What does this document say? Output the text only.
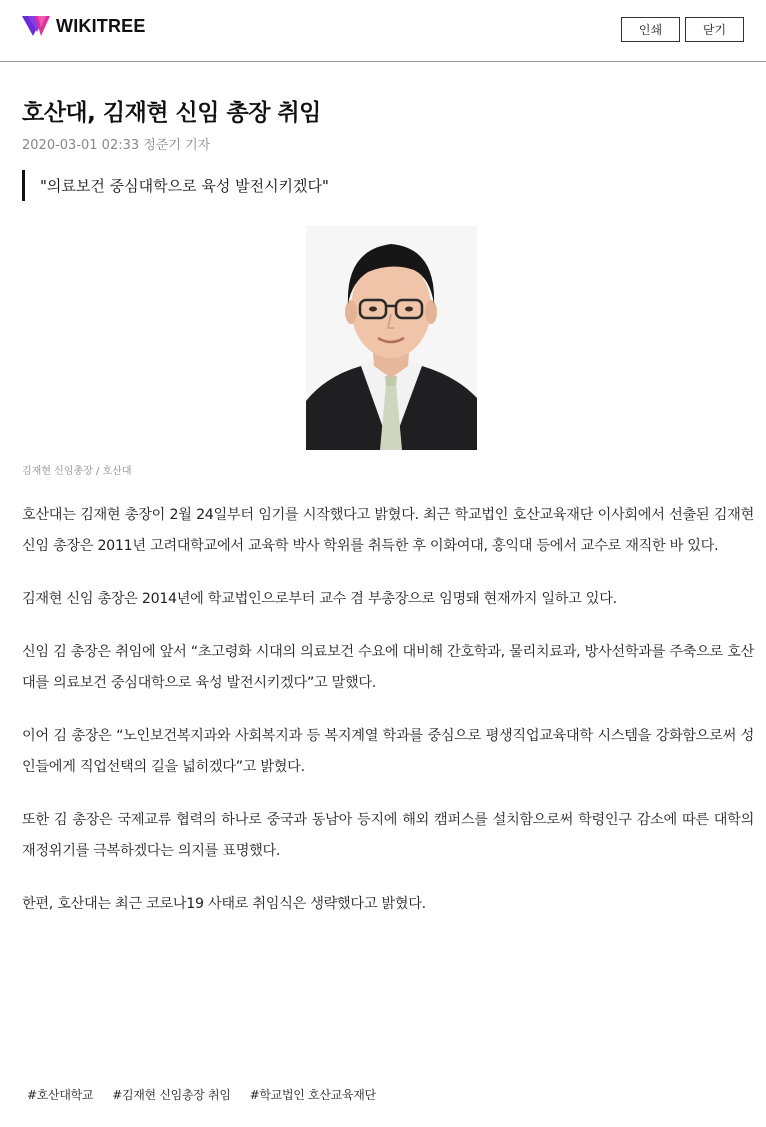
WIKITREE	인쇄	닫기
호산대, 김재현 신임 총장 취임
2020-03-01 02:33 정준기 기자
"의료보건 중심대학으로 육성 발전시키겠다"
김재현 신임총장 / 호산대

호산대는 김재현 총장이 2월 24일부터 임기를 시작했다고 밝혔다. 최근 학교법인 호산교육재단 이사회에서 선출된 김재현 신임 총장은 2011년 고려대학교에서 교육학 박사 학위를 취득한 후 이화여대, 홍익대 등에서 교수로 재직한 바 있다.

김재현 신임 총장은 2014년에 학교법인으로부터 교수 겸 부총장으로 임명돼 현재까지 일하고 있다.

신임 김 총장은 취임에 앞서 “초고령화 시대의 의료보건 수요에 대비해 간호학과, 물리치료과, 방사선학과를 주축으로 호산대를 의료보건 중심대학으로 육성 발전시키겠다”고 말했다.

이어 김 총장은 “노인보건복지과와 사회복지과 등 복지계열 학과를 중심으로 평생직업교육대학 시스템을 강화함으로써 성인들에게 직업선택의 길을 넓히겠다”고 밝혔다.

또한 김 총장은 국제교류 협력의 하나로 중국과 동남아 등지에 해외 캠퍼스를 설치함으로써 학령인구 감소에 따른 대학의 재정위기를 극복하겠다는 의지를 표명했다.

한편, 호산대는 최근 코로나19 사태로 취임식은 생략했다고 밝혔다.

#호산대학교 #김재현 신임총장 취임 #학교법인 호산교육재단
